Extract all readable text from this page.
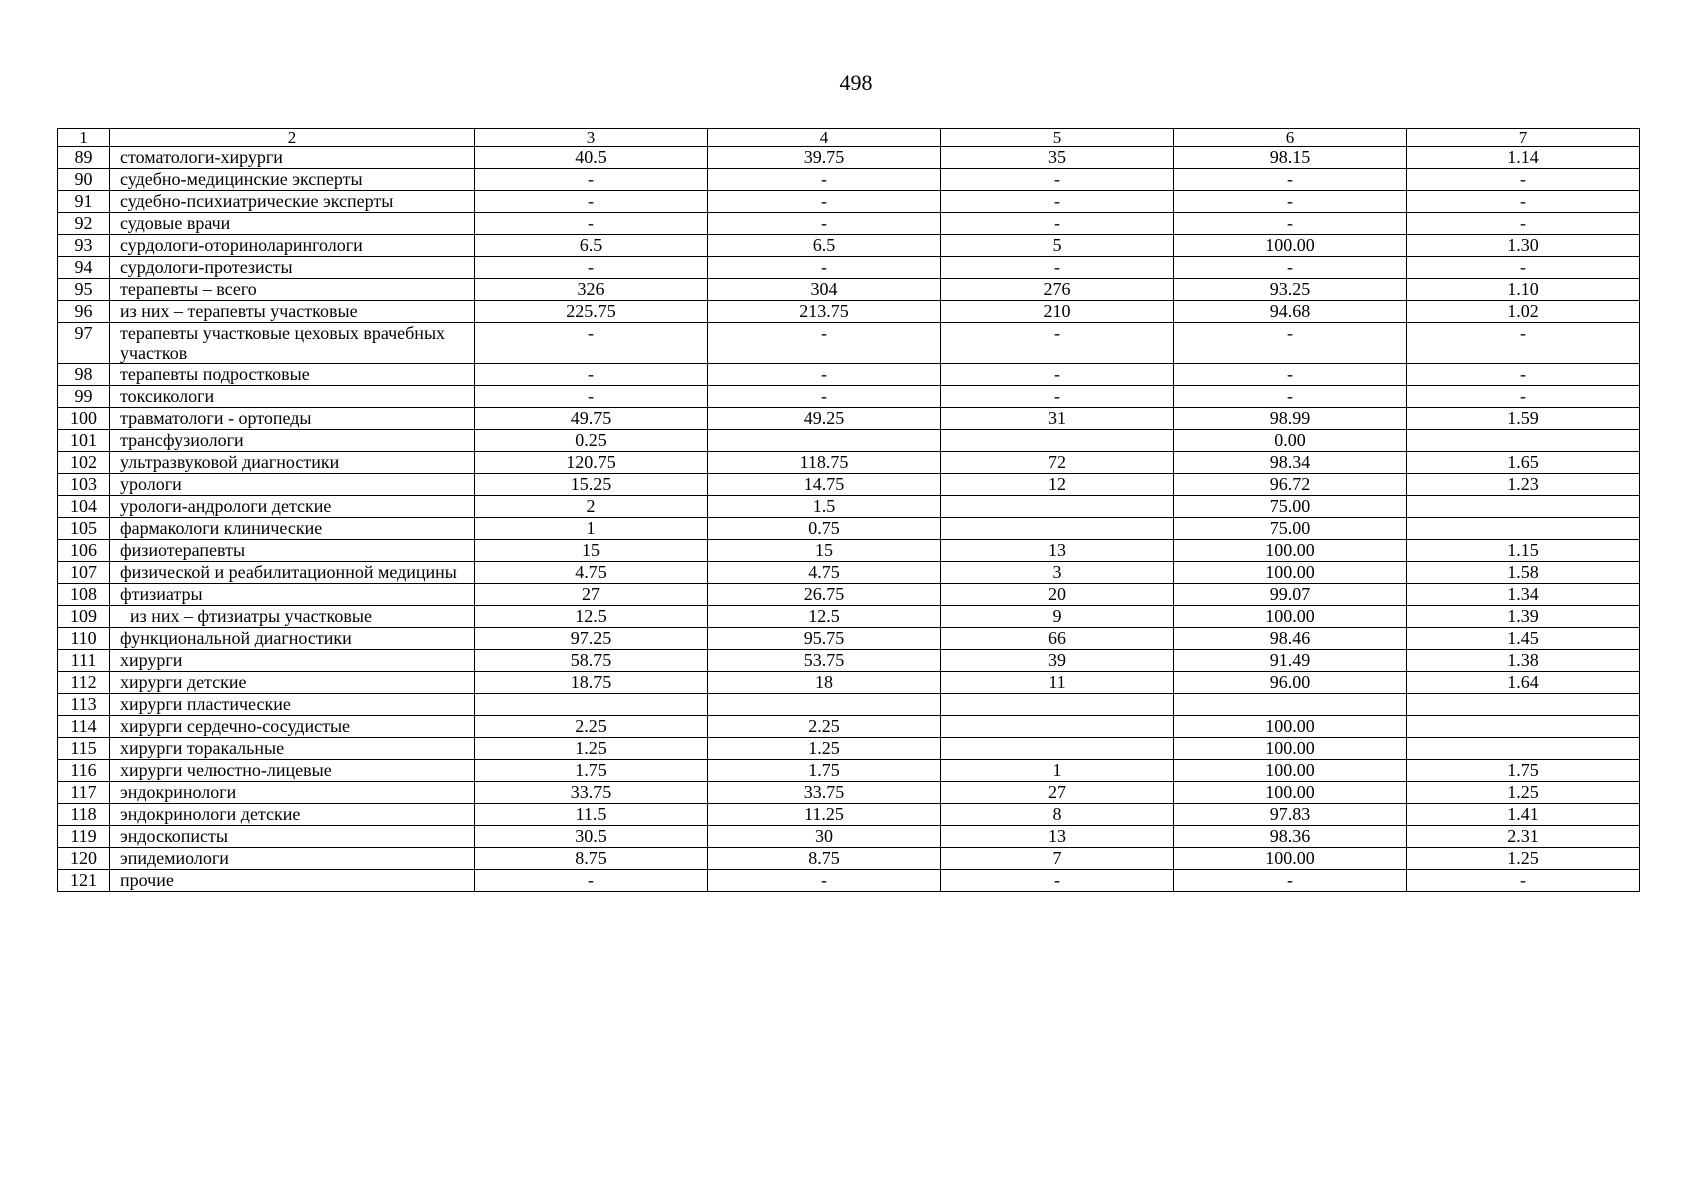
498
1	2	3	4	5	6	7
89	стоматологи-хирурги	40.5	39.75	35	98.15	1.14
90	судебно-медицинские эксперты	-	-	-	-	-
91	судебно-психиатрические эксперты	-	-	-	-	-
92	судовые врачи	-	-	-	-	-
93	сурдологи-оториноларингологи	6.5	6.5	5	100.00	1.30
94	сурдологи-протезисты	-	-	-	-	-
95	терапевты – всего	326	304	276	93.25	1.10
96	из них – терапевты участковые	225.75	213.75	210	94.68	1.02
97	терапевты участковые цеховых врачебных участков	-	-	-	-	-
98	терапевты подростковые	-	-	-	-	-
99	токсикологи	-	-	-	-	-
100	травматологи - ортопеды	49.75	49.25	31	98.99	1.59
101	трансфузиологи	0.25			0.00	
102	ультразвуковой диагностики	120.75	118.75	72	98.34	1.65
103	урологи	15.25	14.75	12	96.72	1.23
104	урологи-андрологи детские	2	1.5		75.00	
105	фармакологи клинические	1	0.75		75.00	
106	физиотерапевты	15	15	13	100.00	1.15
107	физической и реабилитационной медицины	4.75	4.75	3	100.00	1.58
108	фтизиатры	27	26.75	20	99.07	1.34
109	из них – фтизиатры участковые	12.5	12.5	9	100.00	1.39
110	функциональной диагностики	97.25	95.75	66	98.46	1.45
111	хирурги	58.75	53.75	39	91.49	1.38
112	хирурги детские	18.75	18	11	96.00	1.64
113	хирурги пластические					
114	хирурги сердечно-сосудистые	2.25	2.25		100.00	
115	хирурги торакальные	1.25	1.25		100.00	
116	хирурги челюстно-лицевые	1.75	1.75	1	100.00	1.75
117	эндокринологи	33.75	33.75	27	100.00	1.25
118	эндокринологи детские	11.5	11.25	8	97.83	1.41
119	эндоскописты	30.5	30	13	98.36	2.31
120	эпидемиологи	8.75	8.75	7	100.00	1.25
121	прочие	-	-	-	-	-
